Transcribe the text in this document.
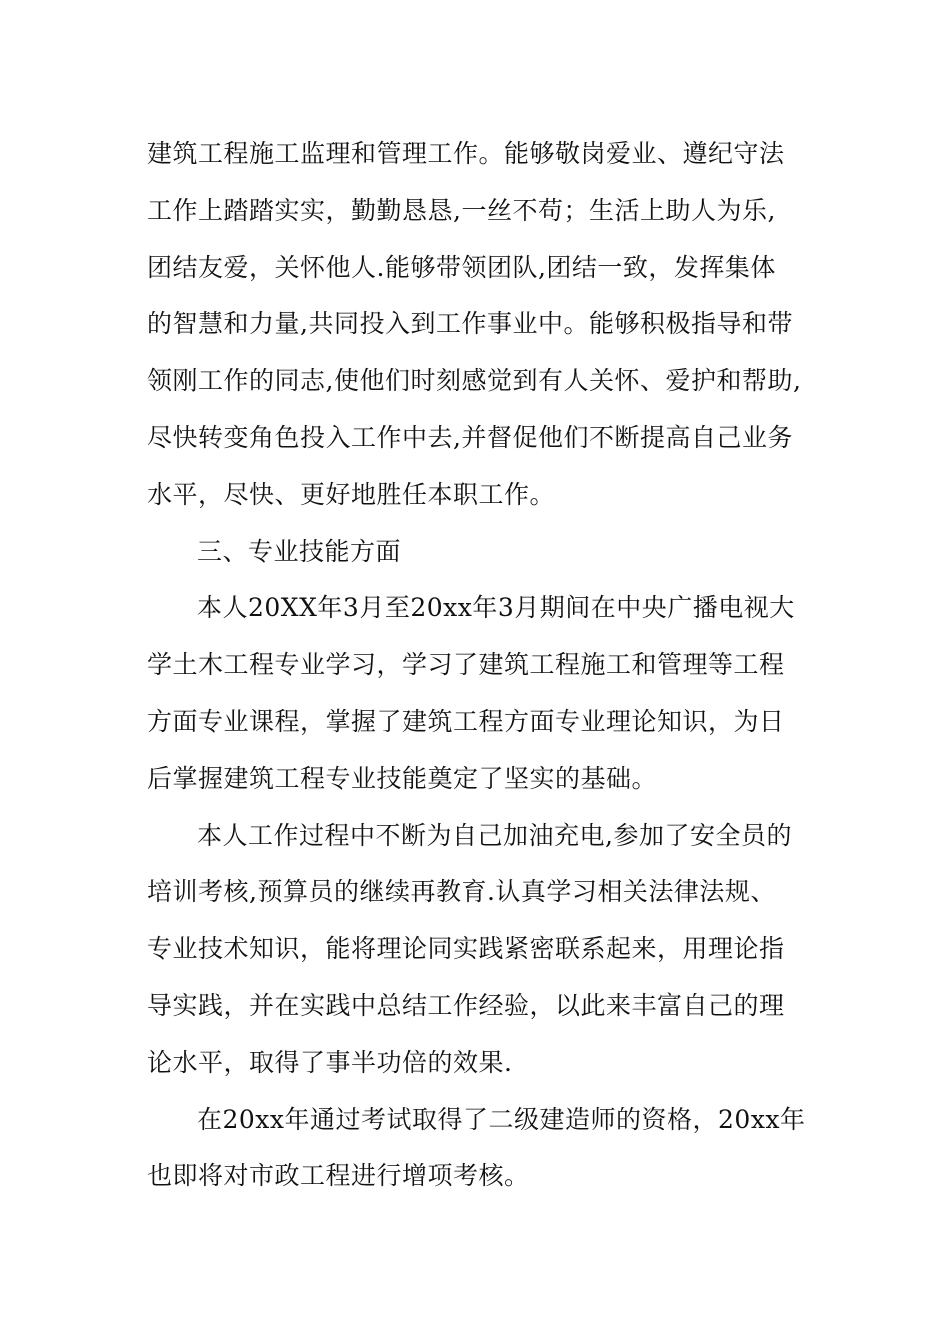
建筑工程施工监理和管理工作。能够敬岗爱业、遵纪守法
工作上踏踏实实，勤勤恳恳,一丝不苟；生活上助人为乐,
团结友爱，关怀他人.能够带领团队,团结一致，发挥集体
的智慧和力量,共同投入到工作事业中。能够积极指导和带
领刚工作的同志,使他们时刻感觉到有人关怀、爱护和帮助,
尽快转变角色投入工作中去,并督促他们不断提高自己业务
水平，尽快、更好地胜任本职工作。
三、专业技能方面
本人20XX年3月至20xx年3月期间在中央广播电视大
学土木工程专业学习，学习了建筑工程施工和管理等工程
方面专业课程，掌握了建筑工程方面专业理论知识，为日
后掌握建筑工程专业技能奠定了坚实的基础。
本人工作过程中不断为自己加油充电,参加了安全员的
培训考核,预算员的继续再教育.认真学习相关法律法规、
专业技术知识，能将理论同实践紧密联系起来，用理论指
导实践，并在实践中总结工作经验，以此来丰富自己的理
论水平，取得了事半功倍的效果.
在20xx年通过考试取得了二级建造师的资格，20xx年
也即将对市政工程进行增项考核。
